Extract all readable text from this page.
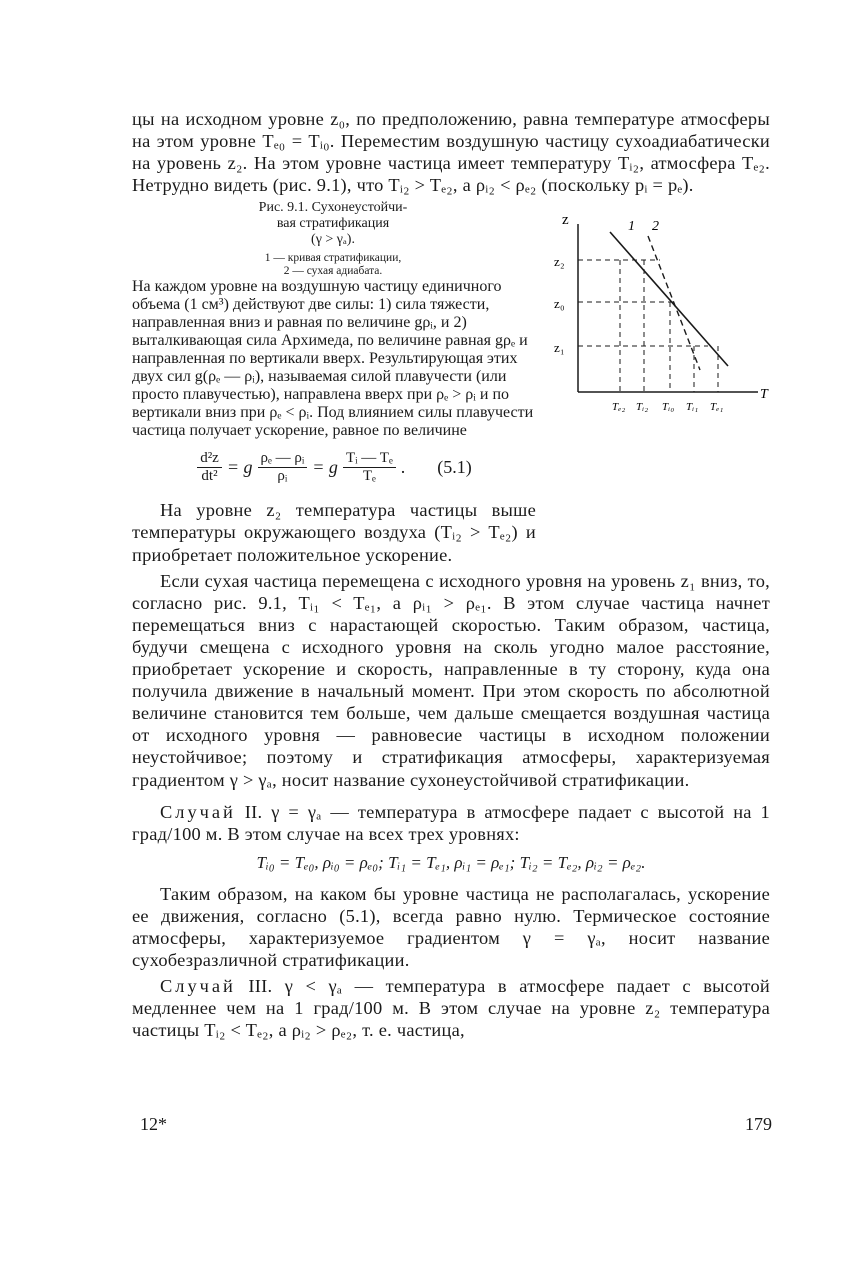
цы на исходном уровне z₀, по предположению, равна температуре атмосферы на этом уровне Tₑ₀ = Tᵢ₀. Переместим воздушную частицу сухоадиабатически на уровень z₂. На этом уровне частица имеет температуру Tᵢ₂, атмосфера Tₑ₂. Нетрудно видеть (рис. 9.1), что Tᵢ₂ > Tₑ₂, а ρᵢ₂ < ρₑ₂ (поскольку pᵢ = pₑ).

z
T
z₂
z₀
z₁
1 2
Tₑ₂ Tᵢ₂ Tᵢ₀ Tᵢ₁ Tₑ₁

Рис. 9.1. Сухонеустойчи-
вая стратификация
(γ > γₐ).
1 — кривая стратификации,
2 — сухая адиабата.
На каждом уровне на воздушную частицу единичного объема (1 см³) действуют две силы: 1) сила тяжести, направленная вниз и равная по величине gρᵢ, и 2) выталкивающая сила Архимеда, по величине равная gρₑ и направленная по вертикали вверх. Результирующая этих двух сил g(ρₑ — ρᵢ), называемая силой плавучести (или просто плавучестью), направлена вверх при ρₑ > ρᵢ и по вертикали вниз при ρₑ < ρᵢ. Под влиянием силы плавучести частица получает ускорение, равное по величине

$\frac{\text{d²z}}{\text{dt²}} = g \frac{\text{ρₑ — ρᵢ}}{\text{ρᵢ}} = g \frac{\text{Tᵢ — Tₑ}}{\text{Tₑ}}$ . (5.1)

На уровне z₂ температура частицы выше температуры окружающего воздуха (Tᵢ₂ > Tₑ₂) и приобретает положительное ускорение.

Если сухая частица перемещена с исходного уровня на уровень z₁ вниз, то, согласно рис. 9.1, Tᵢ₁ < Tₑ₁, а ρᵢ₁ > ρₑ₁. В этом случае частица начнет перемещаться вниз с нарастающей скоростью. Таким образом, частица, будучи смещена с исходного уровня на сколь угодно малое расстояние, приобретает ускорение и скорость, направленные в ту сторону, куда она получила движение в начальный момент. При этом скорость по абсолютной величине становится тем больше, чем дальше смещается воздушная частица от исходного уровня — равновесие частицы в исходном положении неустойчивое; поэтому и стратификация атмосферы, характеризуемая градиентом γ > γₐ, носит название сухонеустойчивой стратификации.

Случай II. γ = γₐ — температура в атмосфере падает с высотой на 1 град/100 м. В этом случае на всех трех уровнях:

Tᵢ₀ = Tₑ₀, ρᵢ₀ = ρₑ₀; Tᵢ₁ = Tₑ₁, ρᵢ₁ = ρₑ₁; Tᵢ₂ = Tₑ₂, ρᵢ₂ = ρₑ₂.

Таким образом, на каком бы уровне частица не располагалась, ускорение ее движения, согласно (5.1), всегда равно нулю. Термическое состояние атмосферы, характеризуемое градиентом γ = γₐ, носит название сухобезразличной стратификации.

Случай III. γ < γₐ — температура в атмосфере падает с высотой медленнее чем на 1 град/100 м. В этом случае на уровне z₂ температура частицы Tᵢ₂ < Tₑ₂, а ρᵢ₂ > ρₑ₂, т. е. частица,

12*	179
